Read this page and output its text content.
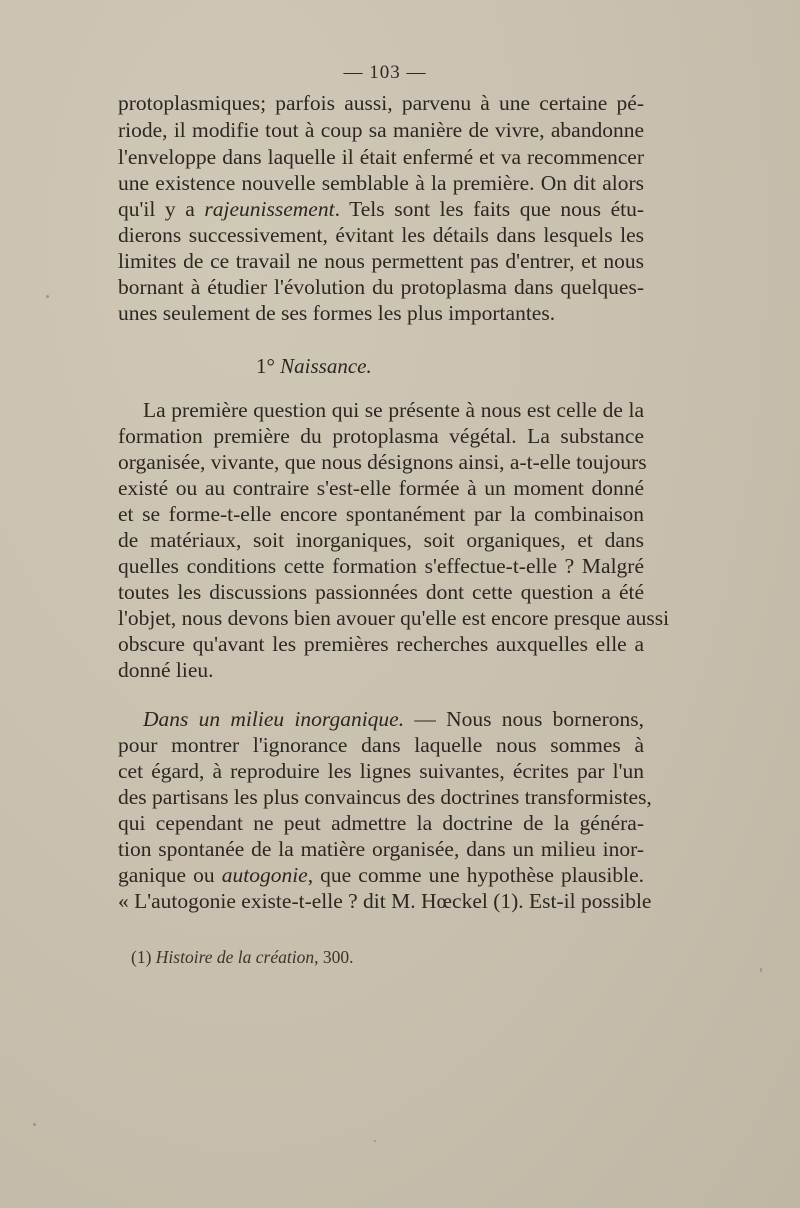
— 103 —
protoplasmiques; parfois aussi, parvenu à une certaine pé-
riode, il modifie tout à coup sa manière de vivre, abandonne
l'enveloppe dans laquelle il était enfermé et va recommencer
une existence nouvelle semblable à la première. On dit alors
qu'il y a rajeunissement. Tels sont les faits que nous étu-
dierons successivement, évitant les détails dans lesquels les
limites de ce travail ne nous permettent pas d'entrer, et nous
bornant à étudier l'évolution du protoplasma dans quelques-
unes seulement de ses formes les plus importantes.
1° Naissance.
La première question qui se présente à nous est celle de la
formation première du protoplasma végétal. La substance
organisée, vivante, que nous désignons ainsi, a-t-elle toujours
existé ou au contraire s'est-elle formée à un moment donné
et se forme-t-elle encore spontanément par la combinaison
de matériaux, soit inorganiques, soit organiques, et dans
quelles conditions cette formation s'effectue-t-elle ? Malgré
toutes les discussions passionnées dont cette question a été
l'objet, nous devons bien avouer qu'elle est encore presque aussi
obscure qu'avant les premières recherches auxquelles elle a
donné lieu.
Dans un milieu inorganique. — Nous nous bornerons,
pour montrer l'ignorance dans laquelle nous sommes à
cet égard, à reproduire les lignes suivantes, écrites par l'un
des partisans les plus convaincus des doctrines transformistes,
qui cependant ne peut admettre la doctrine de la généra-
tion spontanée de la matière organisée, dans un milieu inor-
ganique ou autogonie, que comme une hypothèse plausible.
« L'autogonie existe-t-elle ? dit M. Hœckel (1). Est-il possible
(1) Histoire de la création, 300.
